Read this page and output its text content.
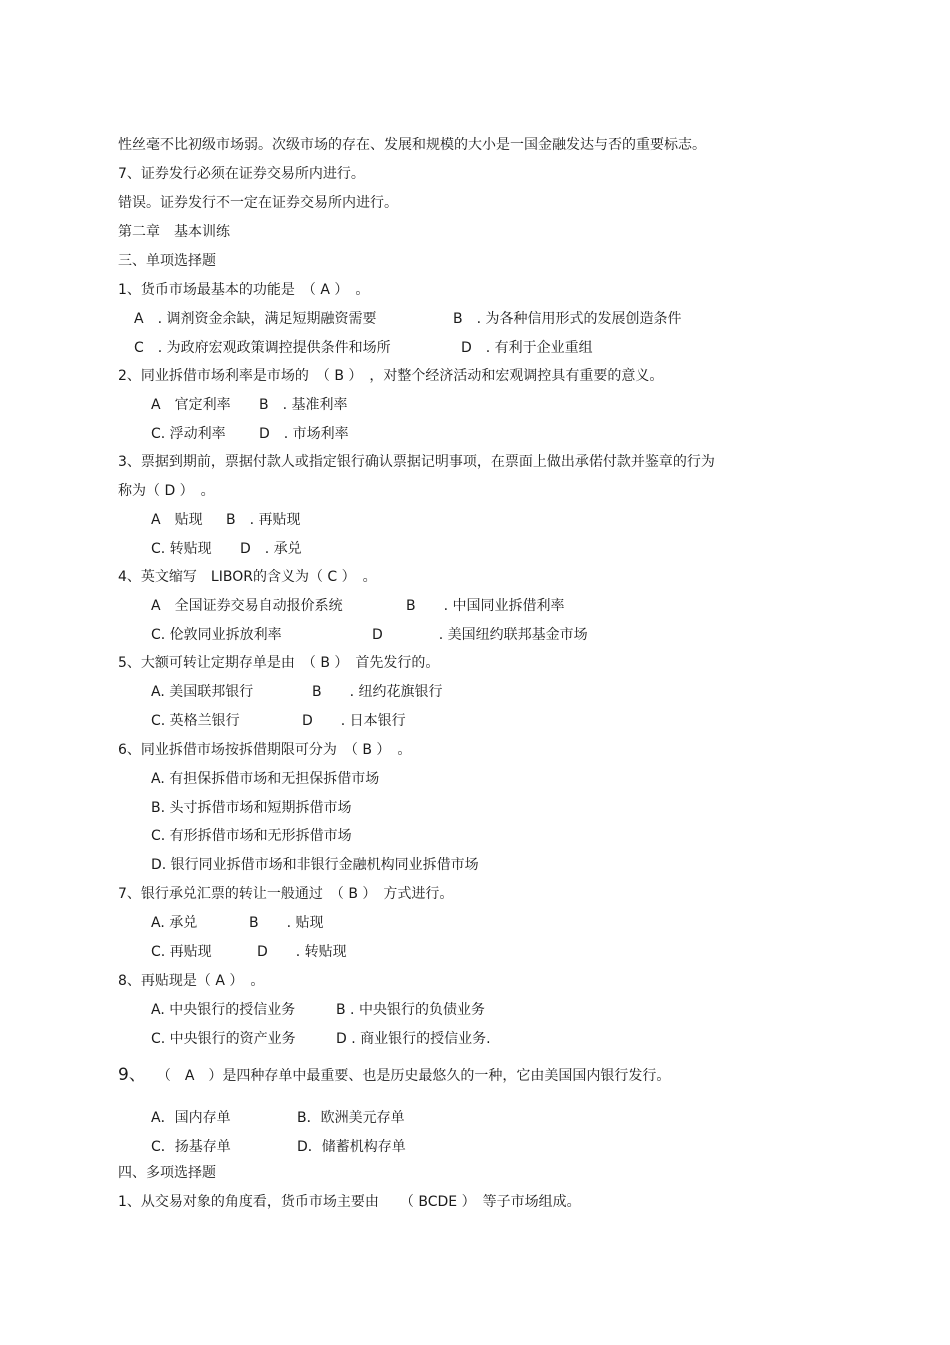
性丝毫不比初级市场弱。次级市场的存在、发展和规模的大小是一国金融发达与否的重要标志。
7、证券发行必须在证券交易所内进行。
错误。证券发行不一定在证券交易所内进行。
第二章　基本训练
三、单项选择题
1、货币市场最基本的功能是　（ A ）　。
A　. 调剂资金余缺，满足短期融资需要	B　. 为各种信用形式的发展创造条件
C　. 为政府宏观政策调控提供条件和场所	D　. 有利于企业重组
2、同业拆借市场利率是市场的　（ B ）　，对整个经济活动和宏观调控具有重要的意义。
A　官定利率 B　. 基准利率
C. 浮动利率 D　. 市场利率
3、票据到期前，票据付款人或指定银行确认票据记明事项，在票面上做出承偌付款并鉴章的行为
称为（ D ）　。
A　贴现 B　. 再贴现
C. 转贴现 D　. 承兑
4、英文缩写　LIBOR的含义为（ C ）　。
A　全国证券交易自动报价系统	B　　. 中国同业拆借利率
C. 伦敦同业拆放利率	D　　　　. 美国纽约联邦基金市场
5、大额可转让定期存单是由　（ B ）　首先发行的。
A. 美国联邦银行	B　　. 纽约花旗银行
C. 英格兰银行	D　　. 日本银行
6、同业拆借市场按拆借期限可分为　（ B ）　。
A. 有担保拆借市场和无担保拆借市场
B. 头寸拆借市场和短期拆借市场
C. 有形拆借市场和无形拆借市场
D. 银行同业拆借市场和非银行金融机构同业拆借市场
7、银行承兑汇票的转让一般通过　（ B ）　方式进行。
A. 承兑	B　　. 贴现
C. 再贴现	D　　. 转贴现
8、再贴现是（ A ）　。
A. 中央银行的授信业务	B . 中央银行的负债业务
C. 中央银行的资产业务	D . 商业银行的授信业务.
9、 （　A　）是四种存单中最重要、也是历史最悠久的一种，它由美国国内银行发行。
A．国内存单	B．欧洲美元存单
C．扬基存单	D．储蓄机构存单
四、多项选择题
1、从交易对象的角度看，货币市场主要由　　（ BCDE ）　等子市场组成。
